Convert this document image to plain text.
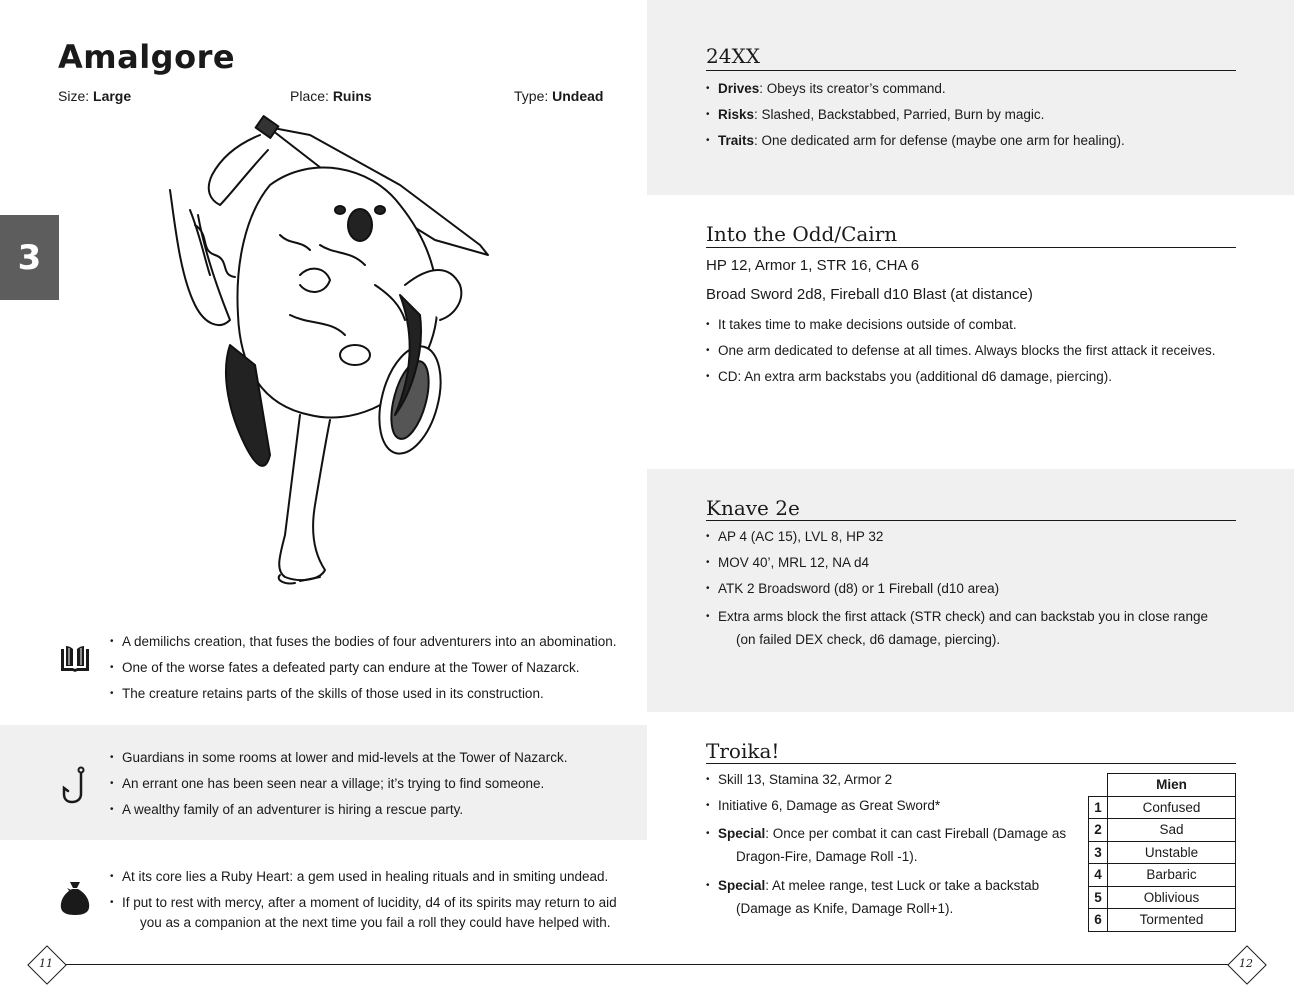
Amalgore
Size: Large	Place: Ruins	Type: Undead
3
• A demilichs creation, that fuses the bodies of four adventurers into an abomination.
• One of the worse fates a defeated party can endure at the Tower of Nazarck.
• The creature retains parts of the skills of those used in its construction.
• Guardians in some rooms at lower and mid-levels at the Tower of Nazarck.
• An errant one has been seen near a village; it’s trying to find someone.
• A wealthy family of an adventurer is hiring a rescue party.
• At its core lies a Ruby Heart: a gem used in healing rituals and in smiting undead.
• If put to rest with mercy, after a moment of lucidity, d4 of its spirits may return to aid
you as a companion at the next time you fail a roll they could have helped with.
24XX
• Drives: Obeys its creator’s command.
• Risks: Slashed, Backstabbed, Parried, Burn by magic.
• Traits: One dedicated arm for defense (maybe one arm for healing).
Into the Odd/Cairn
HP 12, Armor 1, STR 16, CHA 6
Broad Sword 2d8, Fireball d10 Blast (at distance)
• It takes time to make decisions outside of combat.
• One arm dedicated to defense at all times. Always blocks the first attack it receives.
• CD: An extra arm backstabs you (additional d6 damage, piercing).
Knave 2e
• AP 4 (AC 15), LVL 8, HP 32
• MOV 40’, MRL 12, NA d4
• ATK 2 Broadsword (d8) or 1 Fireball (d10 area)
• Extra arms block the first attack (STR check) and can backstab you in close range
(on failed DEX check, d6 damage, piercing).
Troika!
• Skill 13, Stamina 32, Armor 2
• Initiative 6, Damage as Great Sword*
• Special: Once per combat it can cast Fireball (Damage as
Dragon-Fire, Damage Roll -1).
• Special: At melee range, test Luck or take a backstab
(Damage as Knife, Damage Roll+1).
	Mien
1	Confused
2	Sad
3	Unstable
4	Barbaric
5	Oblivious
6	Tormented
11	12
